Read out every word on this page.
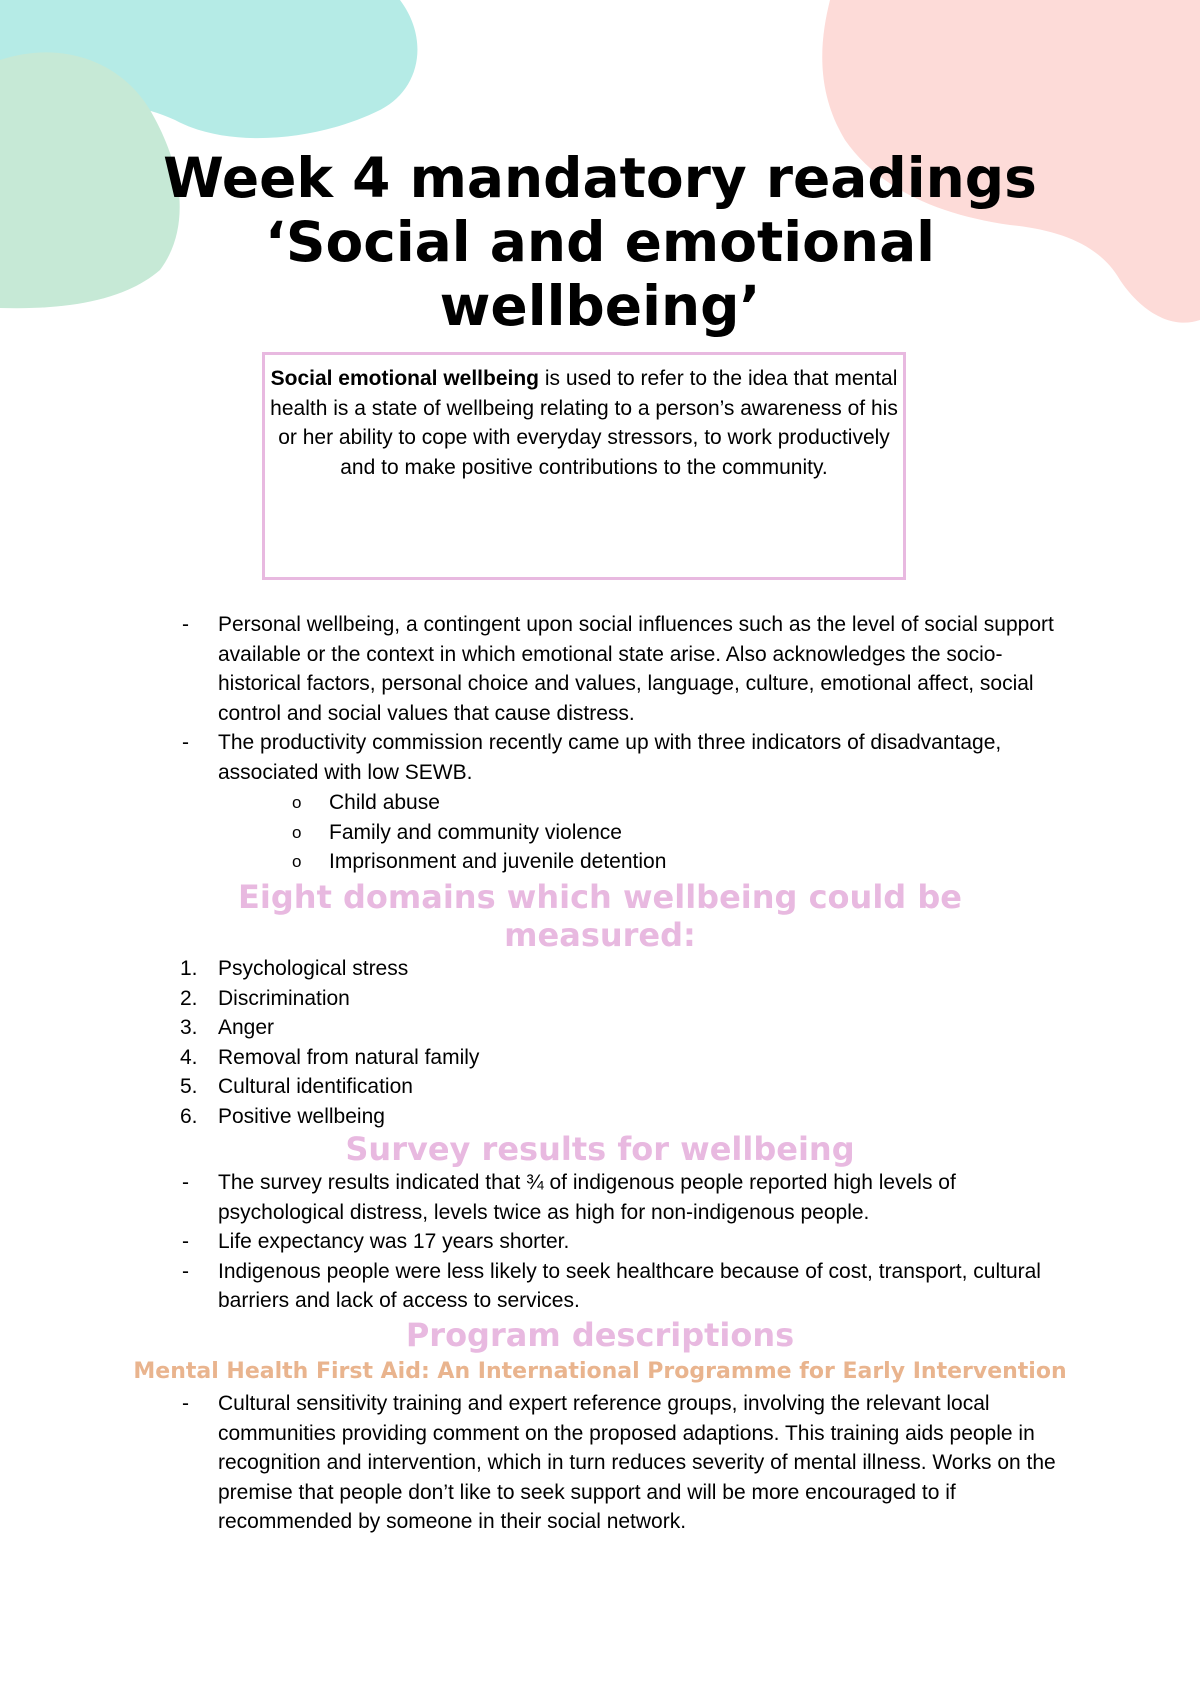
Week 4 mandatory readings
‘Social and emotional
wellbeing’

Social emotional wellbeing is used to refer to the idea that mental health is a state of wellbeing relating to a person’s awareness of his or her ability to cope with everyday stressors, to work productively and to make positive contributions to the community.

- Personal wellbeing, a contingent upon social influences such as the level of social support available or the context in which emotional state arise. Also acknowledges the socio-historical factors, personal choice and values, language, culture, emotional affect, social control and social values that cause distress.
- The productivity commission recently came up with three indicators of disadvantage, associated with low SEWB.
o Child abuse
o Family and community violence
o Imprisonment and juvenile detention
Eight domains which wellbeing could be measured:
1. Psychological stress
2. Discrimination
3. Anger
4. Removal from natural family
5. Cultural identification
6. Positive wellbeing
Survey results for wellbeing
- The survey results indicated that ¾ of indigenous people reported high levels of psychological distress, levels twice as high for non-indigenous people.
- Life expectancy was 17 years shorter.
- Indigenous people were less likely to seek healthcare because of cost, transport, cultural barriers and lack of access to services.
Program descriptions
Mental Health First Aid: An International Programme for Early Intervention
- Cultural sensitivity training and expert reference groups, involving the relevant local communities providing comment on the proposed adaptions. This training aids people in recognition and intervention, which in turn reduces severity of mental illness. Works on the premise that people don’t like to seek support and will be more encouraged to if recommended by someone in their social network.
